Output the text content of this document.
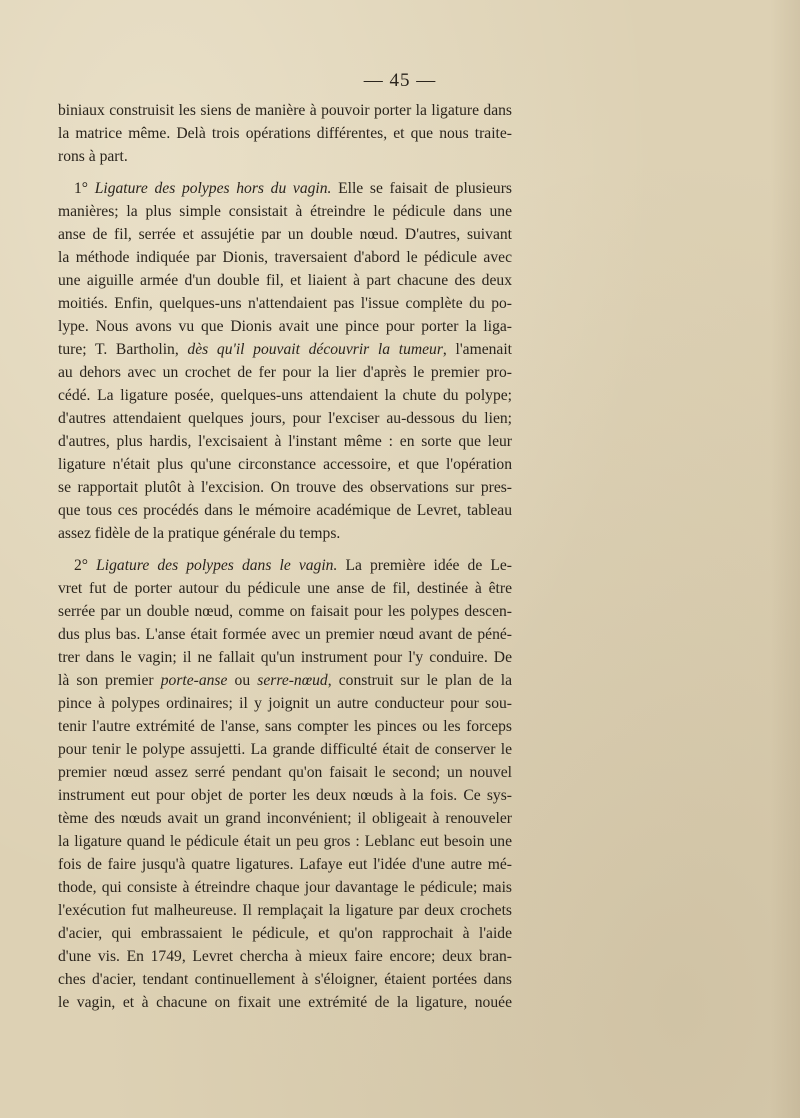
— 45 —
biniaux construisit les siens de manière à pouvoir porter la ligature dans
la matrice même. Delà trois opérations différentes, et que nous traite-
rons à part.
1° Ligature des polypes hors du vagin. Elle se faisait de plusieurs
manières; la plus simple consistait à étreindre le pédicule dans une
anse de fil, serrée et assujétie par un double nœud. D'autres, suivant
la méthode indiquée par Dionis, traversaient d'abord le pédicule avec
une aiguille armée d'un double fil, et liaient à part chacune des deux
moitiés. Enfin, quelques-uns n'attendaient pas l'issue complète du po-
lype. Nous avons vu que Dionis avait une pince pour porter la liga-
ture; T. Bartholin, dès qu'il pouvait découvrir la tumeur, l'amenait
au dehors avec un crochet de fer pour la lier d'après le premier pro-
cédé. La ligature posée, quelques-uns attendaient la chute du polype;
d'autres attendaient quelques jours, pour l'exciser au-dessous du lien;
d'autres, plus hardis, l'excisaient à l'instant même : en sorte que leur
ligature n'était plus qu'une circonstance accessoire, et que l'opération
se rapportait plutôt à l'excision. On trouve des observations sur pres-
que tous ces procédés dans le mémoire académique de Levret, tableau
assez fidèle de la pratique générale du temps.
2° Ligature des polypes dans le vagin. La première idée de Le-
vret fut de porter autour du pédicule une anse de fil, destinée à être
serrée par un double nœud, comme on faisait pour les polypes descen-
dus plus bas. L'anse était formée avec un premier nœud avant de péné-
trer dans le vagin; il ne fallait qu'un instrument pour l'y conduire. De
là son premier porte-anse ou serre-nœud, construit sur le plan de la
pince à polypes ordinaires; il y joignit un autre conducteur pour sou-
tenir l'autre extrémité de l'anse, sans compter les pinces ou les forceps
pour tenir le polype assujetti. La grande difficulté était de conserver le
premier nœud assez serré pendant qu'on faisait le second; un nouvel
instrument eut pour objet de porter les deux nœuds à la fois. Ce sys-
tème des nœuds avait un grand inconvénient; il obligeait à renouveler
la ligature quand le pédicule était un peu gros : Leblanc eut besoin une
fois de faire jusqu'à quatre ligatures. Lafaye eut l'idée d'une autre mé-
thode, qui consiste à étreindre chaque jour davantage le pédicule; mais
l'exécution fut malheureuse. Il remplaçait la ligature par deux crochets
d'acier, qui embrassaient le pédicule, et qu'on rapprochait à l'aide
d'une vis. En 1749, Levret chercha à mieux faire encore; deux bran-
ches d'acier, tendant continuellement à s'éloigner, étaient portées dans
le vagin, et à chacune on fixait une extrémité de la ligature, nouée
